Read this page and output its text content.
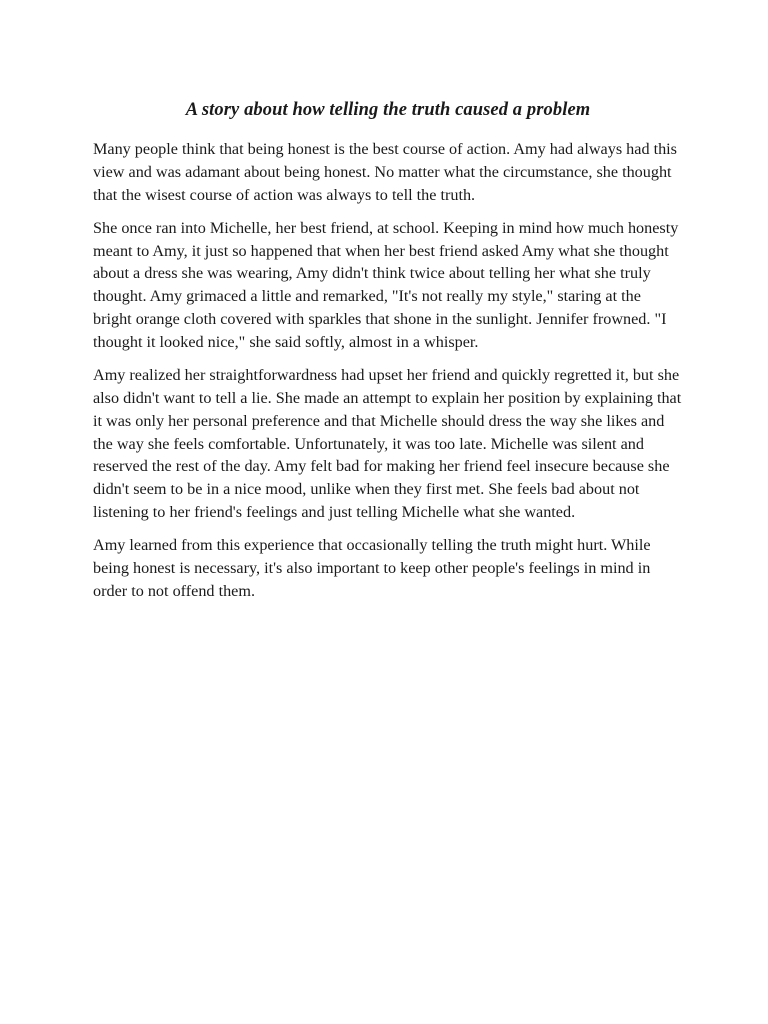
A story about how telling the truth caused a problem

Many people think that being honest is the best course of action. Amy had always had this view and was adamant about being honest. No matter what the circumstance, she thought that the wisest course of action was always to tell the truth.

She once ran into Michelle, her best friend, at school. Keeping in mind how much honesty meant to Amy, it just so happened that when her best friend asked Amy what she thought about a dress she was wearing, Amy didn't think twice about telling her what she truly thought. Amy grimaced a little and remarked, "It's not really my style," staring at the bright orange cloth covered with sparkles that shone in the sunlight. Jennifer frowned. "I thought it looked nice," she said softly, almost in a whisper.

Amy realized her straightforwardness had upset her friend and quickly regretted it, but she also didn't want to tell a lie. She made an attempt to explain her position by explaining that it was only her personal preference and that Michelle should dress the way she likes and the way she feels comfortable. Unfortunately, it was too late. Michelle was silent and reserved the rest of the day. Amy felt bad for making her friend feel insecure because she didn't seem to be in a nice mood, unlike when they first met. She feels bad about not listening to her friend's feelings and just telling Michelle what she wanted.

Amy learned from this experience that occasionally telling the truth might hurt. While being honest is necessary, it's also important to keep other people's feelings in mind in order to not offend them.
